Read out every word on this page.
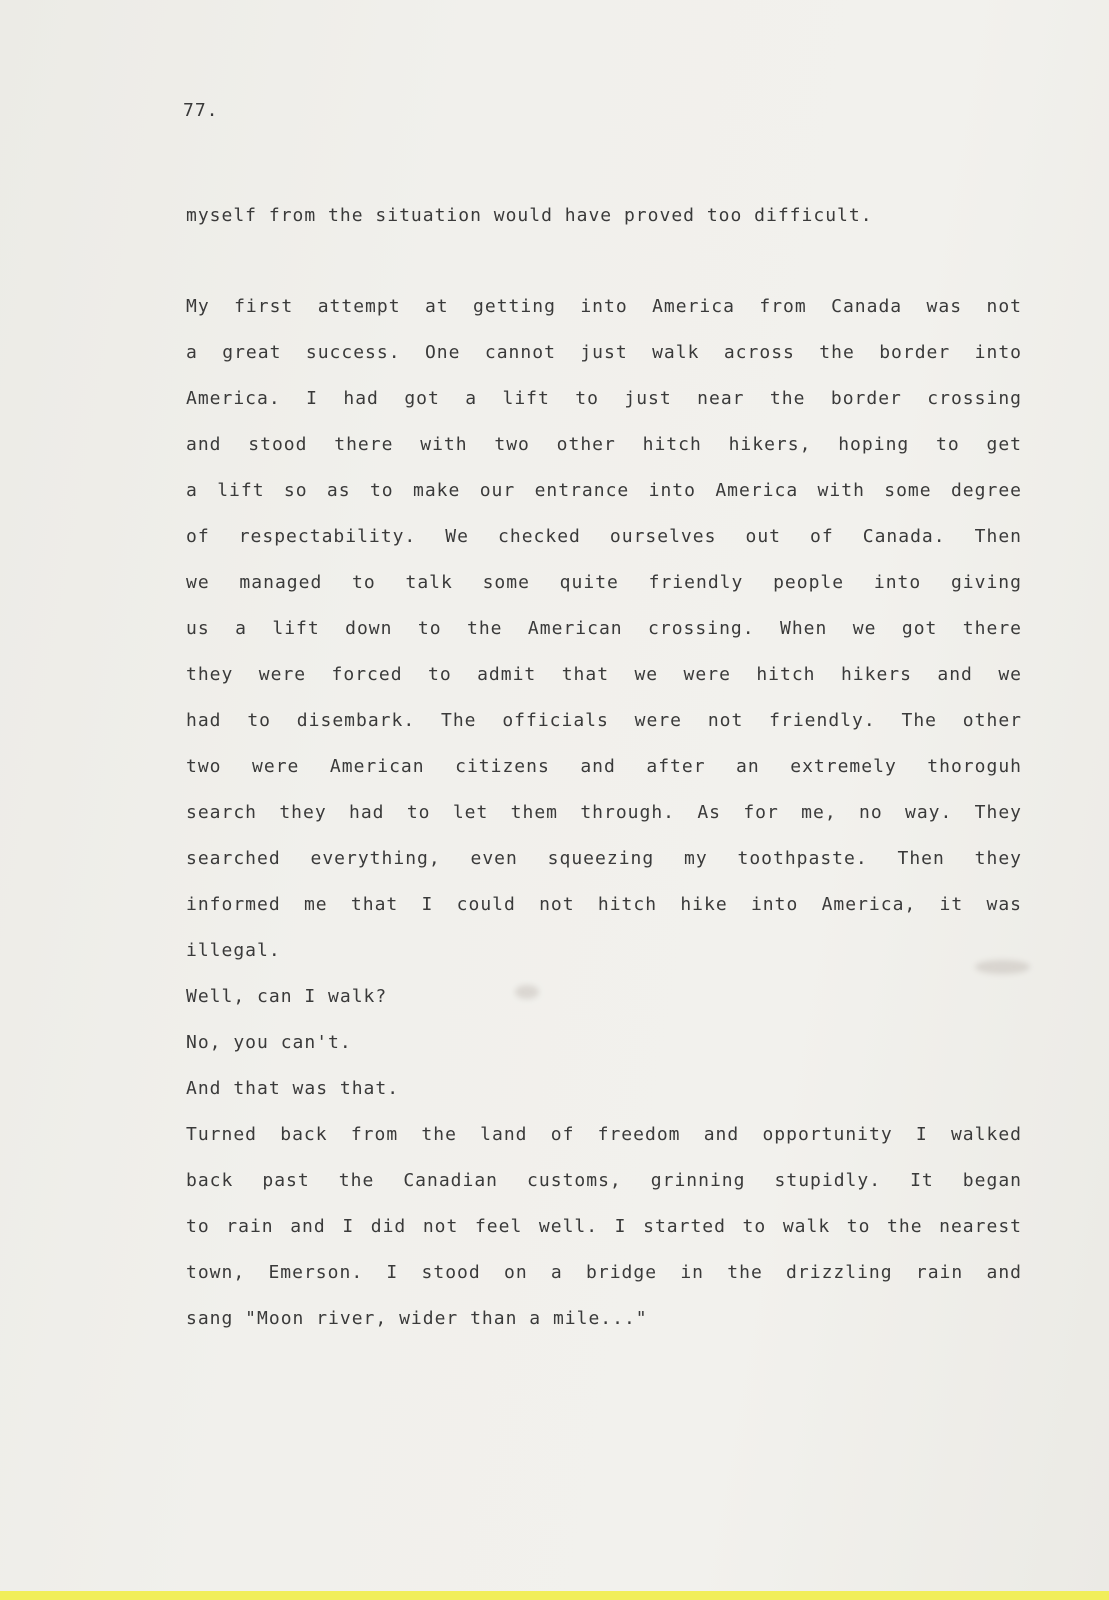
77.
myself from the situation would have proved too difficult.
My first attempt at getting into America from Canada was not
a great success. One cannot just walk across the border into
America. I had got a lift to just near the border crossing
and stood there with two other hitch hikers, hoping to get
a lift so as to make our entrance into America with some degree
of respectability. We checked ourselves out of Canada. Then
we managed to talk some quite friendly people into giving
us a lift down to the American crossing. When we got there
they were forced to admit that we were hitch hikers and we
had to disembark. The officials were not friendly. The other
two were American citizens and after an extremely thoroguh
search they had to let them through. As for me, no way. They
searched everything, even squeezing my toothpaste. Then they
informed me that I could not hitch hike into America, it was
illegal.
Well, can I walk?
No, you can't.
And that was that.
Turned back from the land of freedom and opportunity I walked
back past the Canadian customs, grinning stupidly. It began
to rain and I did not feel well. I started to walk to the nearest
town, Emerson. I stood on a bridge in the drizzling rain and
sang "Moon river, wider than a mile..."
